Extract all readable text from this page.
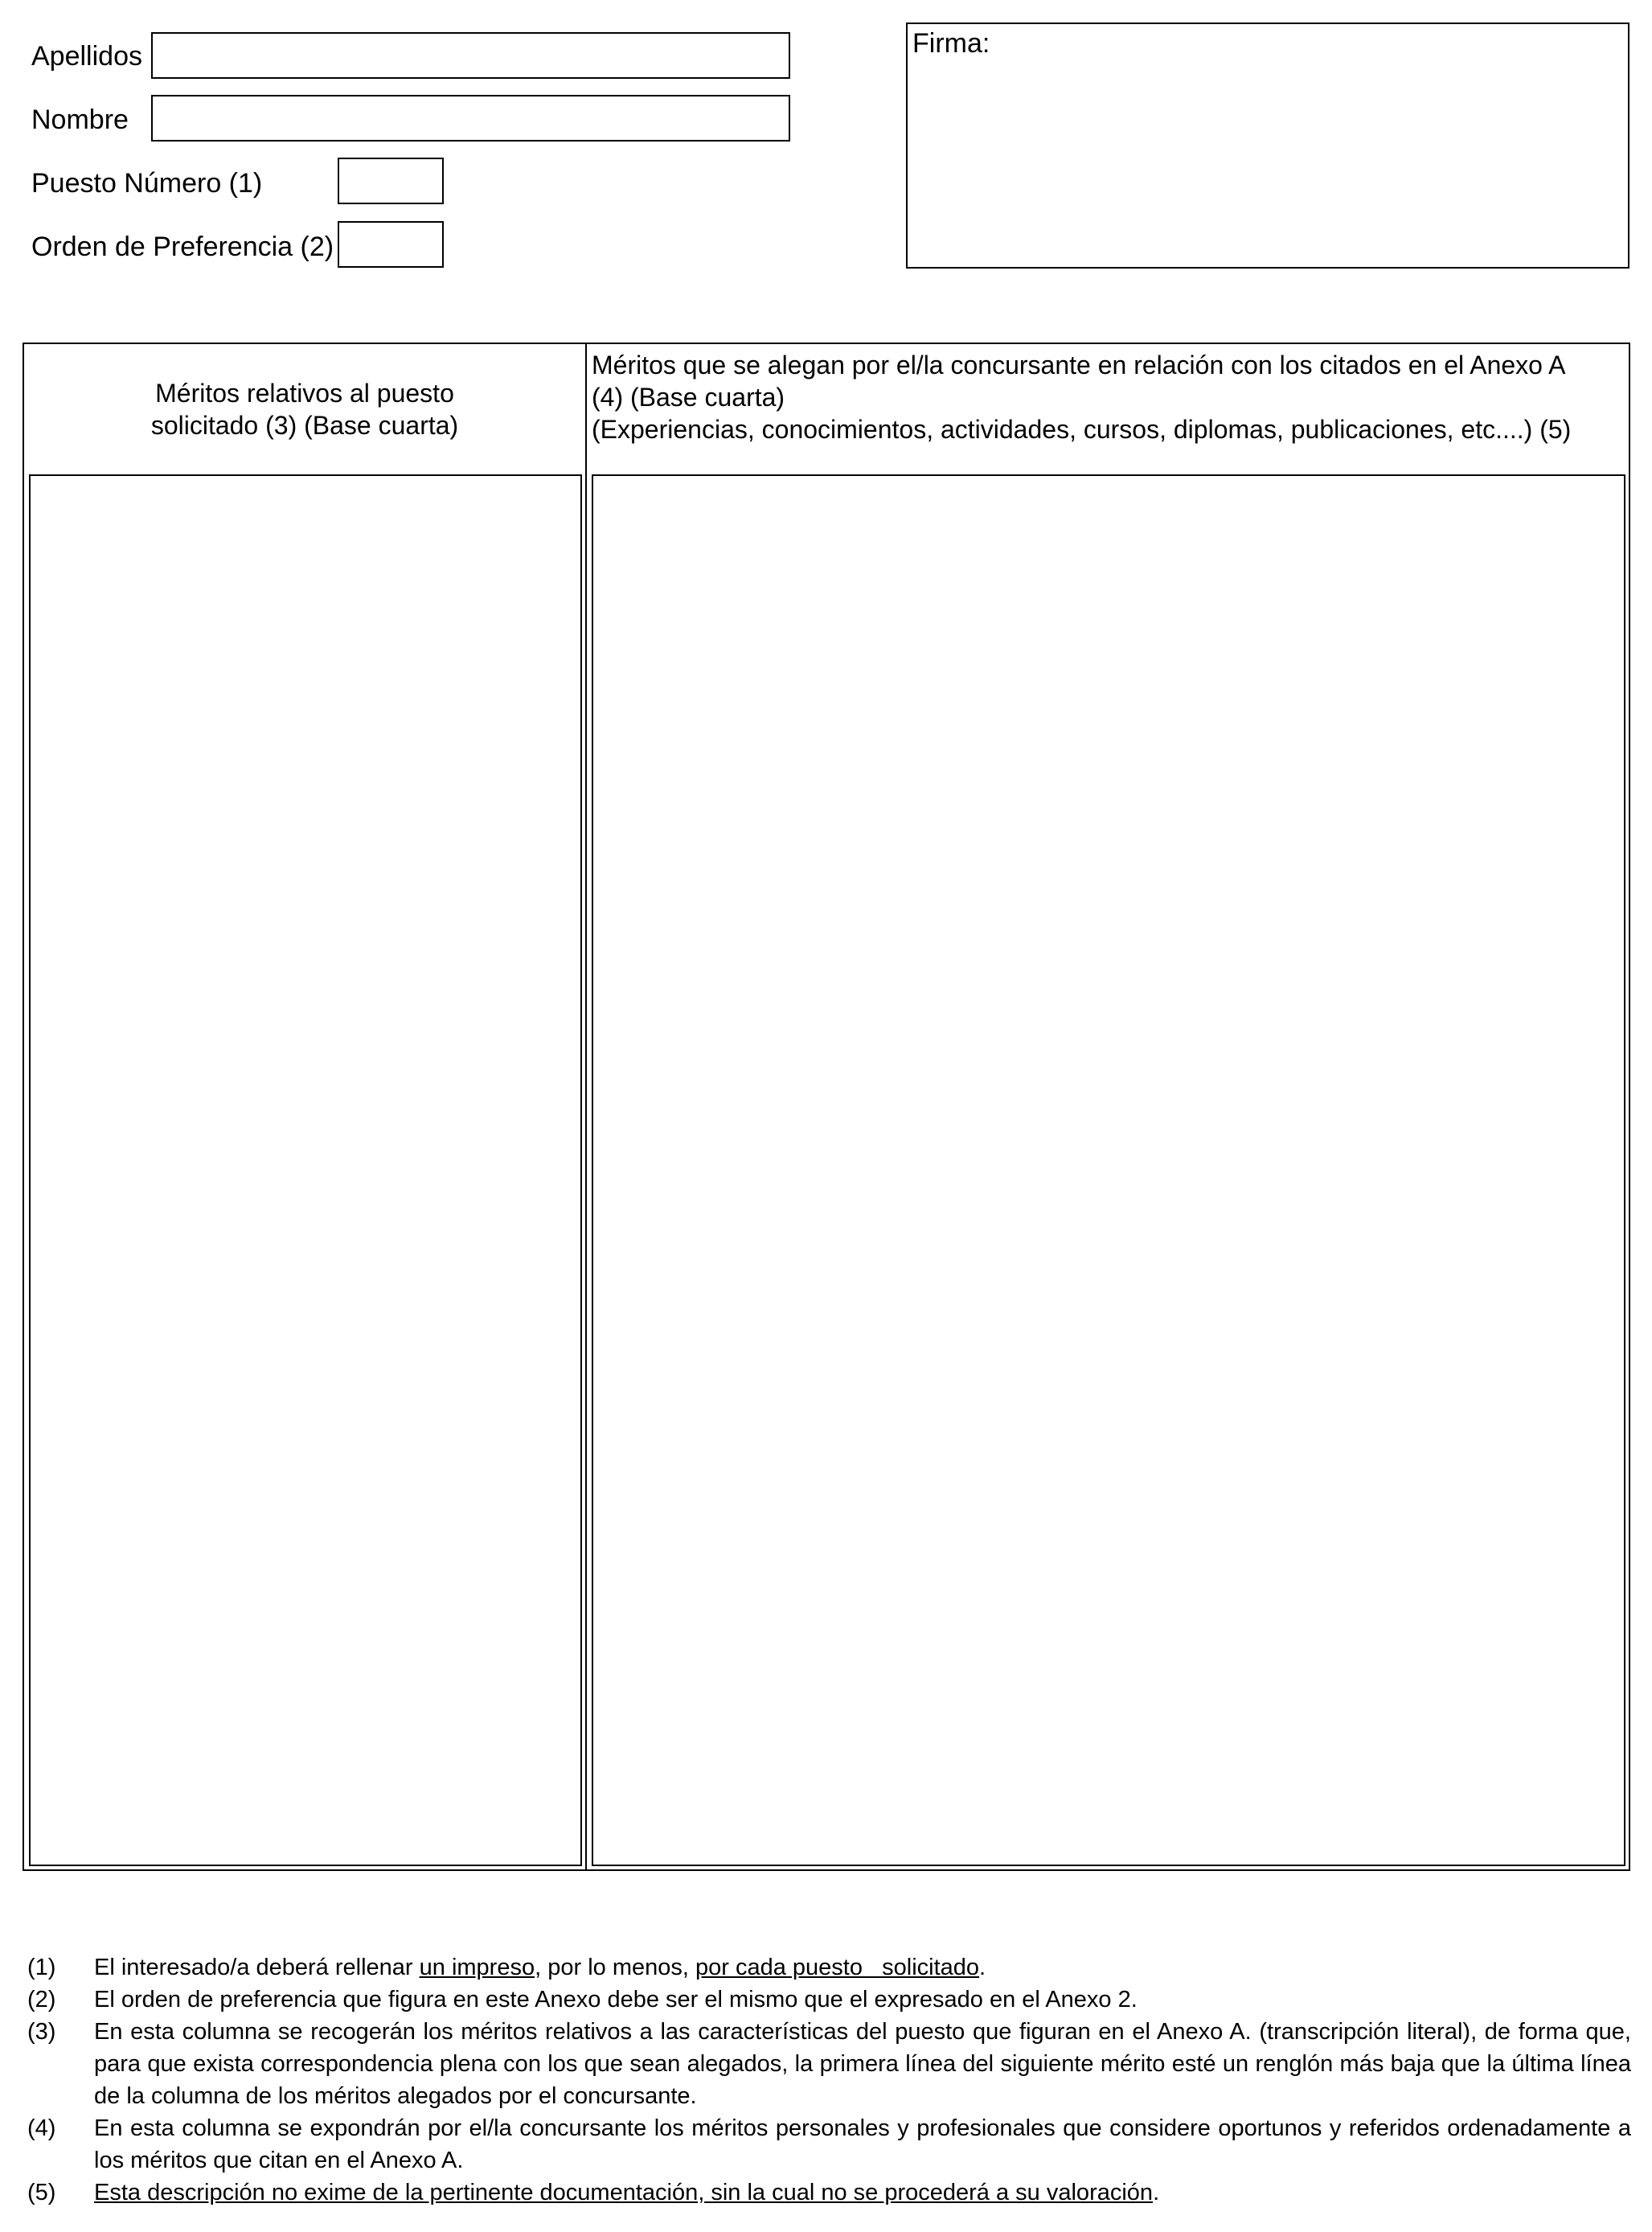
Apellidos
Nombre
Puesto Número (1)
Orden de Preferencia (2)
Firma:
Méritos relativos al puesto
solicitado (3) (Base cuarta)
Méritos que se alegan por el/la concursante en relación con los citados en el Anexo A
(4) (Base cuarta)
(Experiencias, conocimientos, actividades, cursos, diplomas, publicaciones, etc....) (5)
(1)	El interesado/a deberá rellenar un impreso, por lo menos, por cada puesto   solicitado.
(2)	El orden de preferencia que figura en este Anexo debe ser el mismo que el expresado en el Anexo 2.
(3)	En esta columna se recogerán los méritos relativos a las características del puesto que figuran en el Anexo A. (transcripción literal), de forma que, para que exista correspondencia plena con los que sean alegados, la primera línea del siguiente mérito esté un renglón más baja que la última línea de la columna de los méritos alegados por el concursante.
(4)	En esta columna se expondrán por el/la concursante los méritos personales y profesionales que considere oportunos y referidos ordenadamente a los méritos que citan en el Anexo A.
(5)	Esta descripción no exime de la pertinente documentación, sin la cual no se procederá a su valoración.
